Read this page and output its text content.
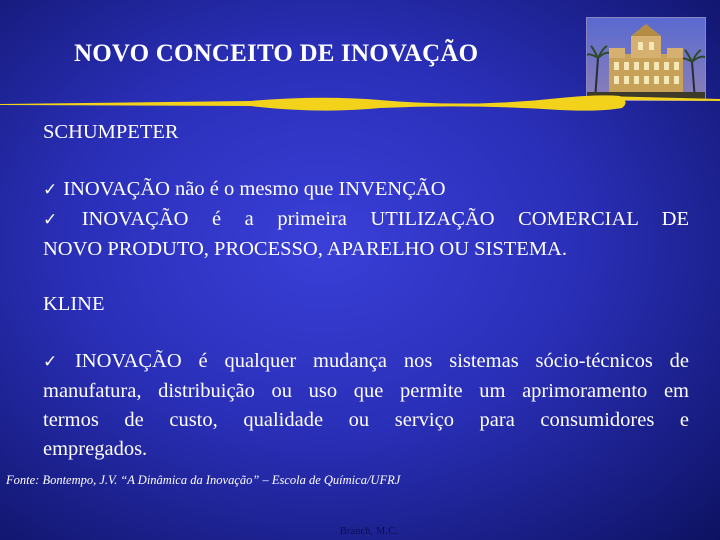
NOVO CONCEITO DE INOVAÇÃO
SCHUMPETER
✓ INOVAÇÃO não é o mesmo que INVENÇÃO
✓ INOVAÇÃO é a primeira UTILIZAÇÃO COMERCIAL DE
NOVO PRODUTO, PROCESSO, APARELHO OU SISTEMA.
KLINE
✓ INOVAÇÃO é qualquer mudança nos sistemas sócio-técnicos de
manufatura, distribuição ou uso que permite um aprimoramento em
termos de custo, qualidade ou serviço para consumidores e
empregados.
Fonte: Bontempo, J.V. “A Dinâmica da Inovação” – Escola de Química/UFRJ
Branch, M.C.
